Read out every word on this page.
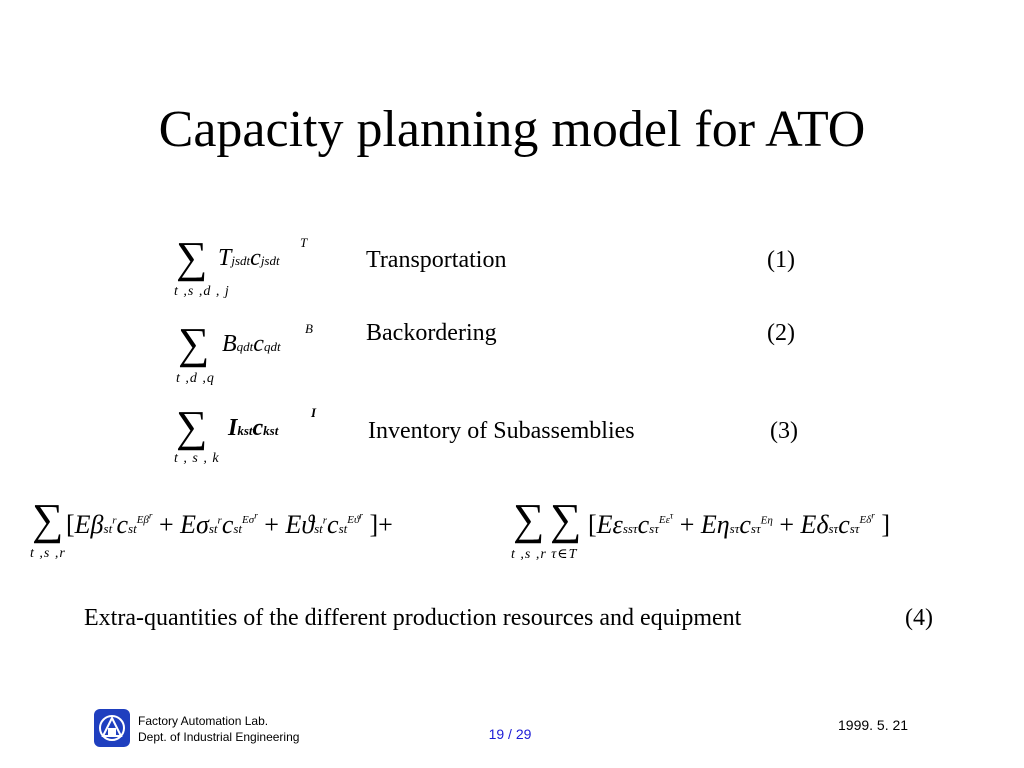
Capacity planning model for ATO
∑
t ,s ,d , j
Tjsdtcjsdt
T
Transportation	(1)
∑
t ,d ,q
Bqdtcqdt
B Backordering	(2)
∑
t , s , k
Ikstckst
I
Inventory of Subassemblies	(3)
∑
t ,s ,r
[Eβst$^r$cst$^{E\beta^r}$ + Eσst$^r$cst$^{E\sigma^r}$ + Eϑst$^r$cst$^{Eϑ^r}$ ]+	∑ ∑
t ,s ,r τ∈T
[Eεssτcsτ$^{E\varepsilon^\tau}$ + Eηsτcsτ$^{E\eta}$ + Eδsτcsτ$^{E\delta^r}$ ]
Extra-quantities of the different production resources and equipment	(4)
Factory Automation Lab.
Dept. of Industrial Engineering	19 / 29
1999. 5. 21
